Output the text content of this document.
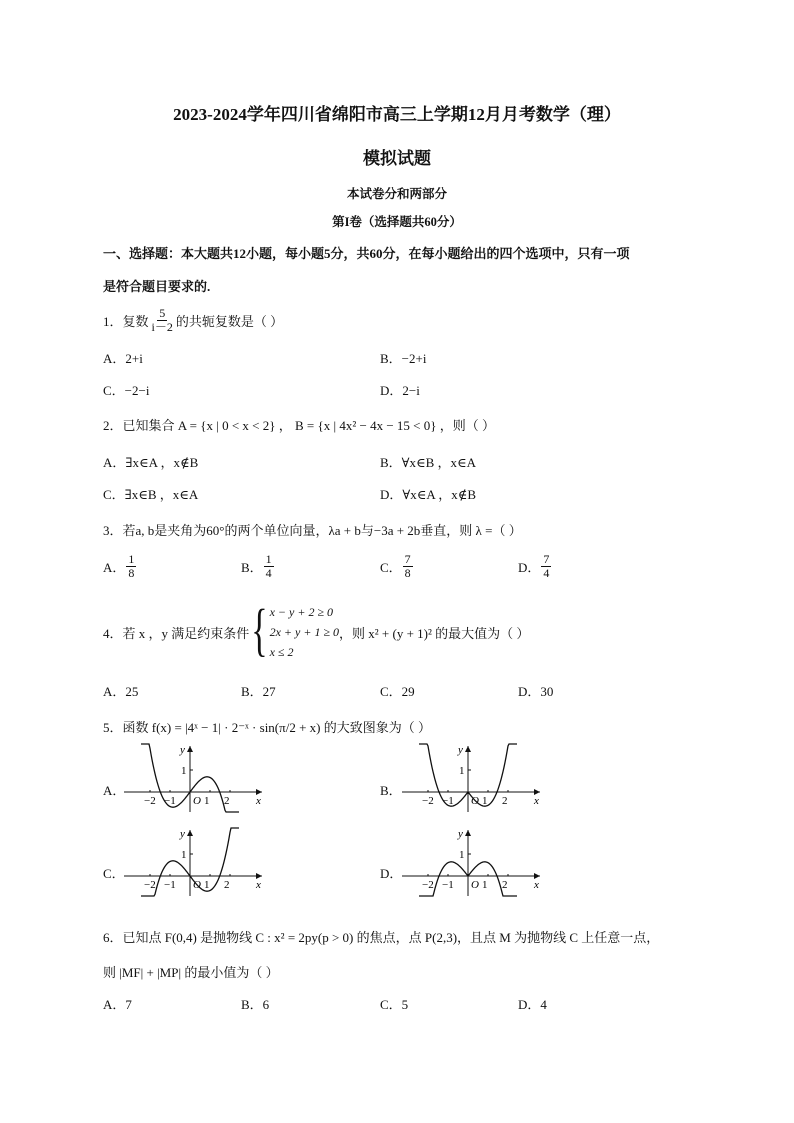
2023-2024学年四川省绵阳市高三上学期12月月考数学（理）
模拟试题
本试卷分和两部分
第I卷（选择题共60分）
一、选择题：本大题共12小题，每小题5分，共60分，在每小题给出的四个选项中，只有一项
是符合题目要求的.
1．复数 $\frac{5}{i-2}$ 的共轭复数是（ ）
A．2+i	B．−2+i
C．−2−i	D．2−i
2．已知集合 A = {x | 0 < x < 2} ， B = {x | 4x² − 4x − 15 < 0} ，则（ ）
A．∃x∈A ，x∉B	B．∀x∈B ，x∈A
C．∃x∈B ，x∈A	D．∀x∈A ，x∉B
3．若a, b是夹角为60°的两个单位向量，λa + b与−3a + 2b垂直，则 λ =（ ）
A． $\frac{1}{8}$	B． $\frac{1}{4}$	C． $\frac{7}{8}$	D． $\frac{7}{4}$
4．若 x ，y 满足约束条件 { x − y + 2 ≥ 0
2x + y + 1 ≥ 0
x ≤ 2
，则 x² + (y + 1)² 的最大值为（ ）
A．25	B．27	C．29	D．30
5．函数 f(x) = |4ˣ − 1| · 2⁻ˣ · sin(π/2 + x) 的大致图象为（ ）
A．	B．
C．	D．
−2 −1	1 2
1
O	x
y
−2 −1	1 2
1
O	x
y
−2 −1	1 2
1
O	x
y
−2 −1	1 2
1
O	x
y
6．已知点 F(0,4) 是抛物线 C : x² = 2py(p > 0) 的焦点，点 P(2,3)，且点 M 为抛物线 C 上任意一点，
则 |MF| + |MP| 的最小值为（ ）
A．7	B．6	C．5	D．4
